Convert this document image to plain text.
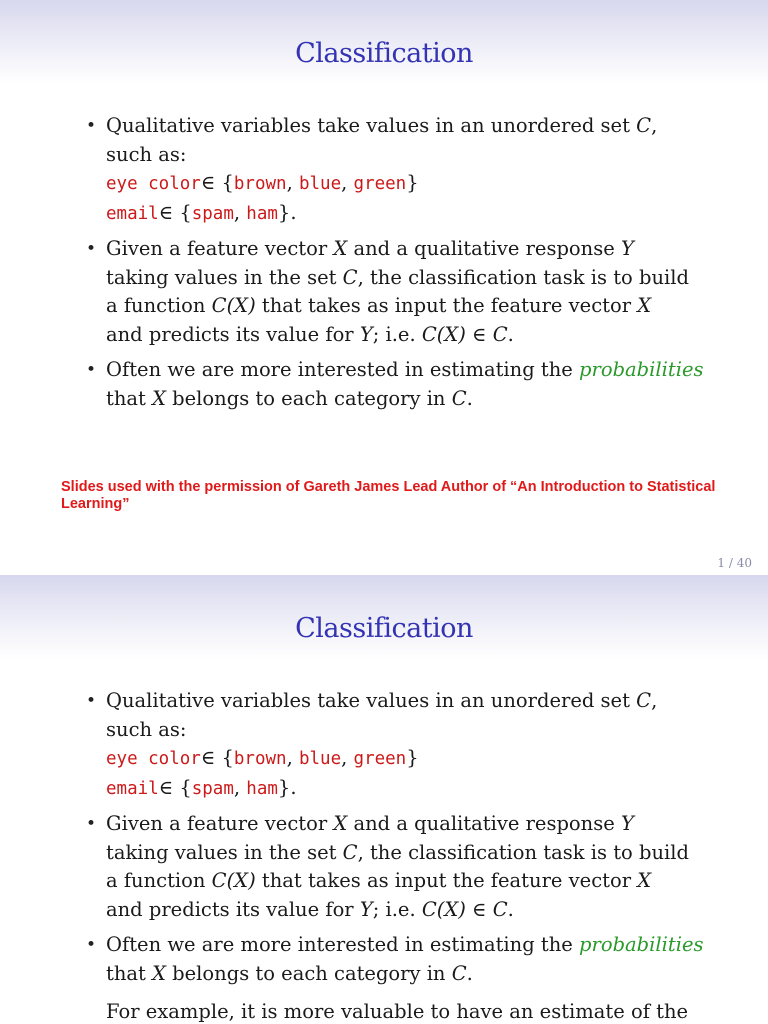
Classification
• Qualitative variables take values in an unordered set C,
such as:
eye color∈ {brown, blue, green}
email∈ {spam, ham}.
• Given a feature vector X and a qualitative response Y
taking values in the set C, the classification task is to build
a function C(X) that takes as input the feature vector X
and predicts its value for Y; i.e. C(X) ∈ C.
• Often we are more interested in estimating the probabilities
that X belongs to each category in C.
Slides used with the permission of Gareth James Lead Author of “An Introduction to Statistical Learning”
1 / 40
Classification
• Qualitative variables take values in an unordered set C,
such as:
eye color∈ {brown, blue, green}
email∈ {spam, ham}.
• Given a feature vector X and a qualitative response Y
taking values in the set C, the classification task is to build
a function C(X) that takes as input the feature vector X
and predicts its value for Y; i.e. C(X) ∈ C.
• Often we are more interested in estimating the probabilities
that X belongs to each category in C.

For example, it is more valuable to have an estimate of the
